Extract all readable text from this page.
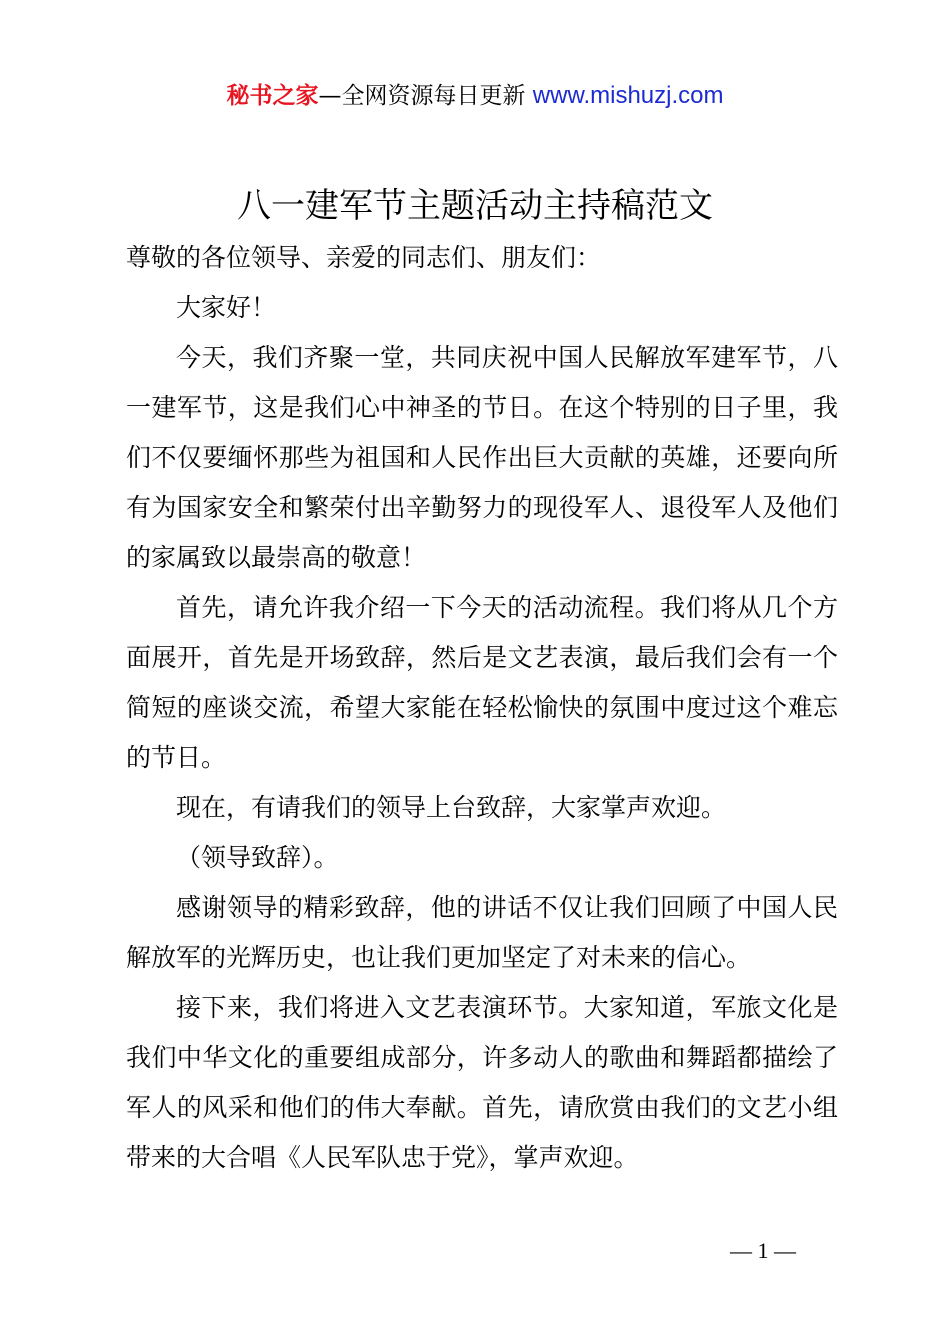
秘书之家—全网资源每日更新 www.mishuzj.com
八一建军节主题活动主持稿范文

尊敬的各位领导、亲爱的同志们、朋友们：

大家好！

今天，我们齐聚一堂，共同庆祝中国人民解放军建军节，八一建军节，这是我们心中神圣的节日。在这个特别的日子里，我们不仅要缅怀那些为祖国和人民作出巨大贡献的英雄，还要向所有为国家安全和繁荣付出辛勤努力的现役军人、退役军人及他们的家属致以最崇高的敬意！

首先，请允许我介绍一下今天的活动流程。我们将从几个方面展开，首先是开场致辞，然后是文艺表演，最后我们会有一个简短的座谈交流，希望大家能在轻松愉快的氛围中度过这个难忘的节日。

现在，有请我们的领导上台致辞，大家掌声欢迎。

（领导致辞）。

感谢领导的精彩致辞，他的讲话不仅让我们回顾了中国人民解放军的光辉历史，也让我们更加坚定了对未来的信心。

接下来，我们将进入文艺表演环节。大家知道，军旅文化是我们中华文化的重要组成部分，许多动人的歌曲和舞蹈都描绘了军人的风采和他们的伟大奉献。首先，请欣赏由我们的文艺小组带来的大合唱《人民军队忠于党》，掌声欢迎。

— 1 —
